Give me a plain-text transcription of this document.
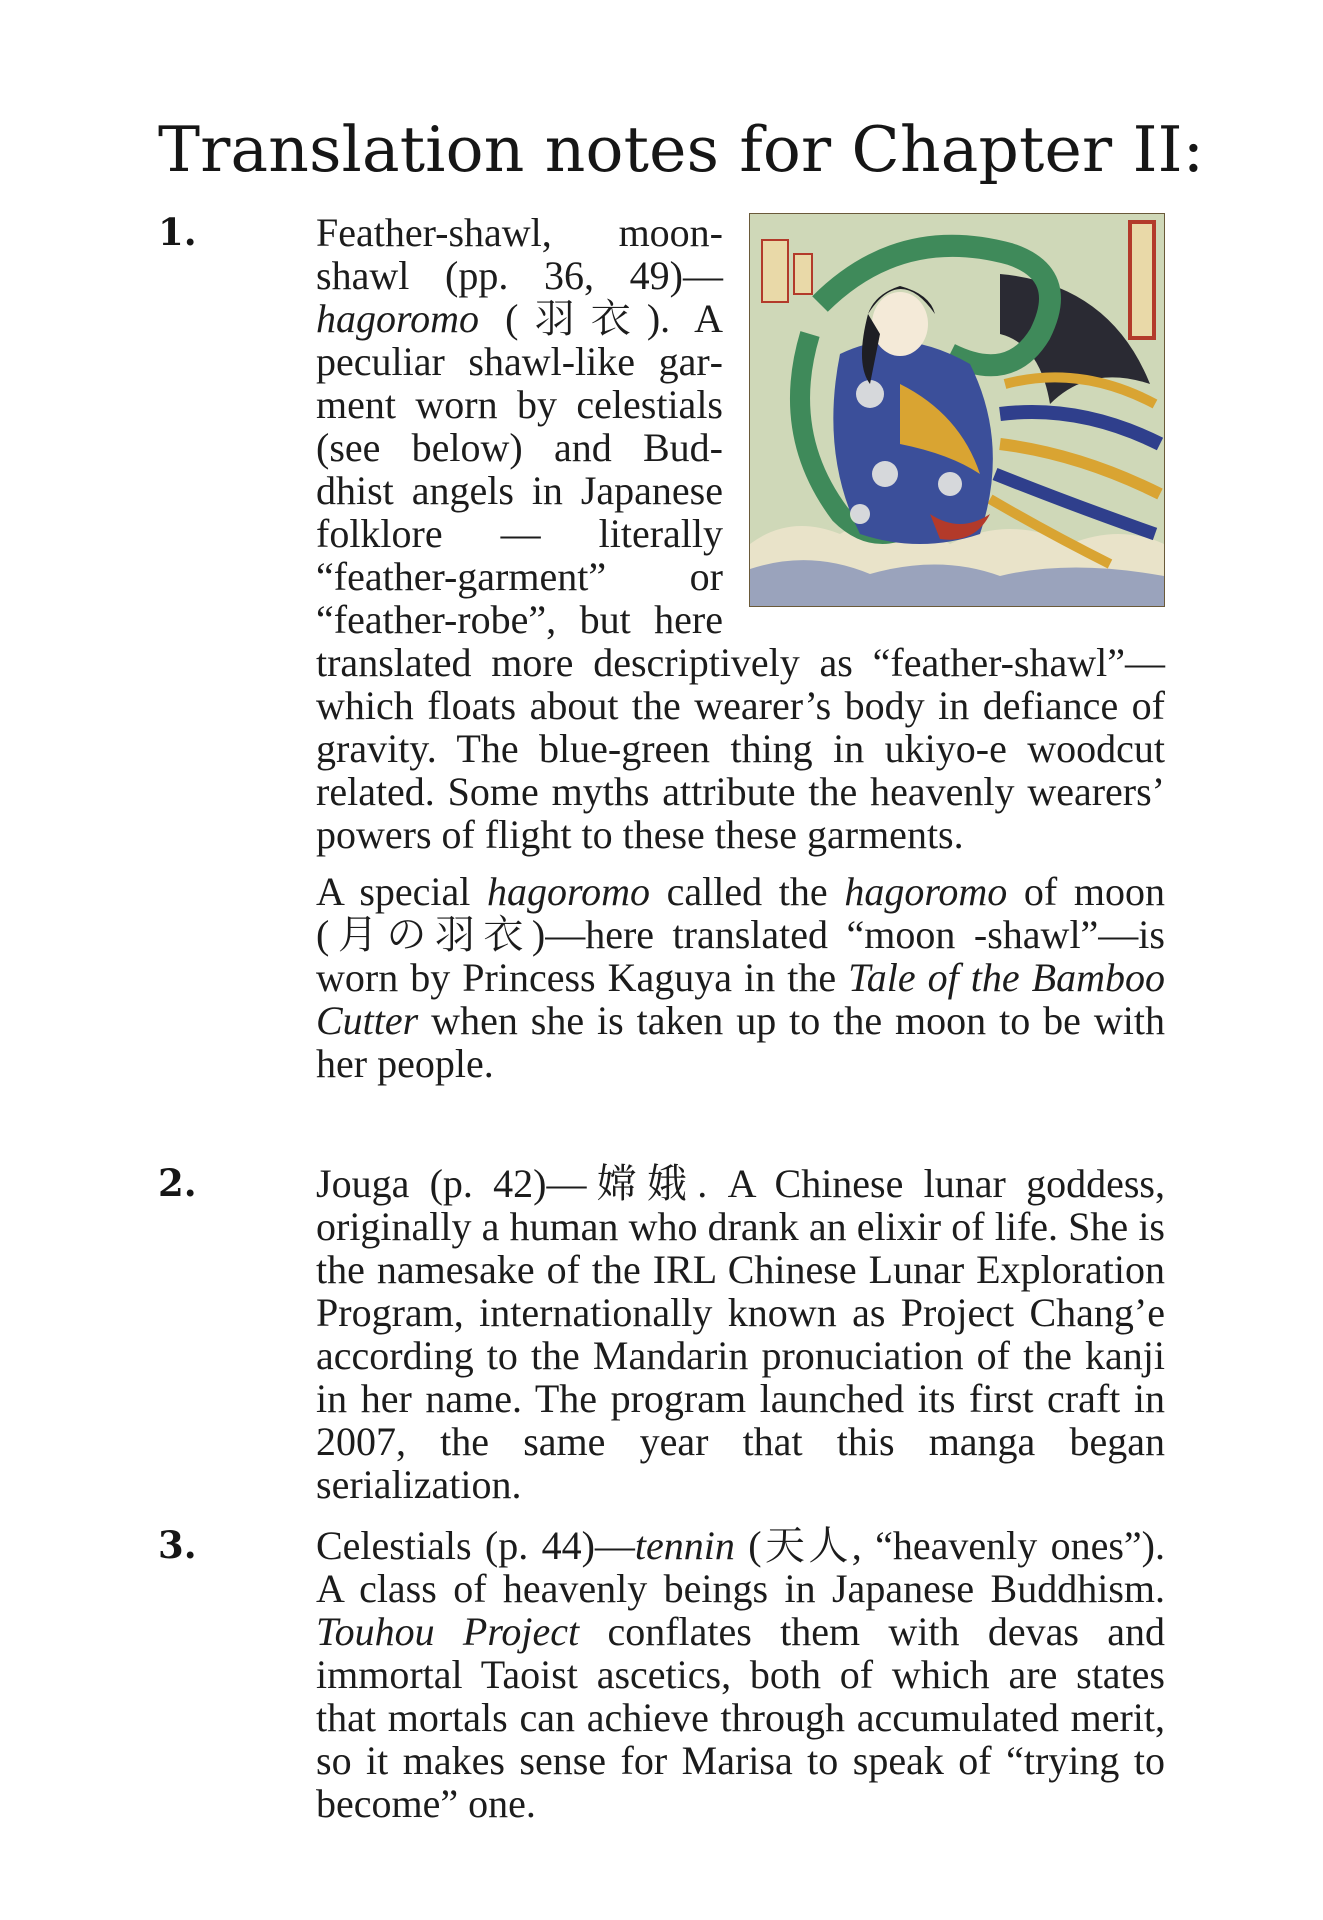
Translation notes for Chapter II:
1.	Feather-shawl, moon-shawl (pp. 36, 49)—hagoromo (羽衣). A peculiar shawl-like garment worn by celestials (see below) and Buddhist angels in Japanese folklore — literally “feather-garment” or “feather-robe”, but here translated more descriptively as “feather-shawl”—which floats about the wearer’s body in defiance of gravity. The blue-green thing in ukiyo-e woodcut related. Some myths attribute the heavenly wearers’ powers of flight to these these garments.

A special hagoromo called the hagoromo of moon (月の羽衣)—here translated “moon -shawl”—is worn by Princess Kaguya in the Tale of the Bamboo Cutter when she is taken up to the moon to be with her people.

2.	Jouga (p. 42)—嫦娥. A Chinese lunar goddess, originally a human who drank an elixir of life. She is the namesake of the IRL Chinese Lunar Exploration Program, internationally known as Project Chang’e according to the Mandarin pronuciation of the kanji in her name. The program launched its first craft in 2007, the same year that this manga began serialization.

3.	Celestials (p. 44)—tennin (天人, “heavenly ones”). A class of heavenly beings in Japanese Buddhism. Touhou Project conflates them with devas and immortal Taoist ascetics, both of which are states that mortals can achieve through accumulated merit, so it makes sense for Marisa to speak of “trying to become” one.
